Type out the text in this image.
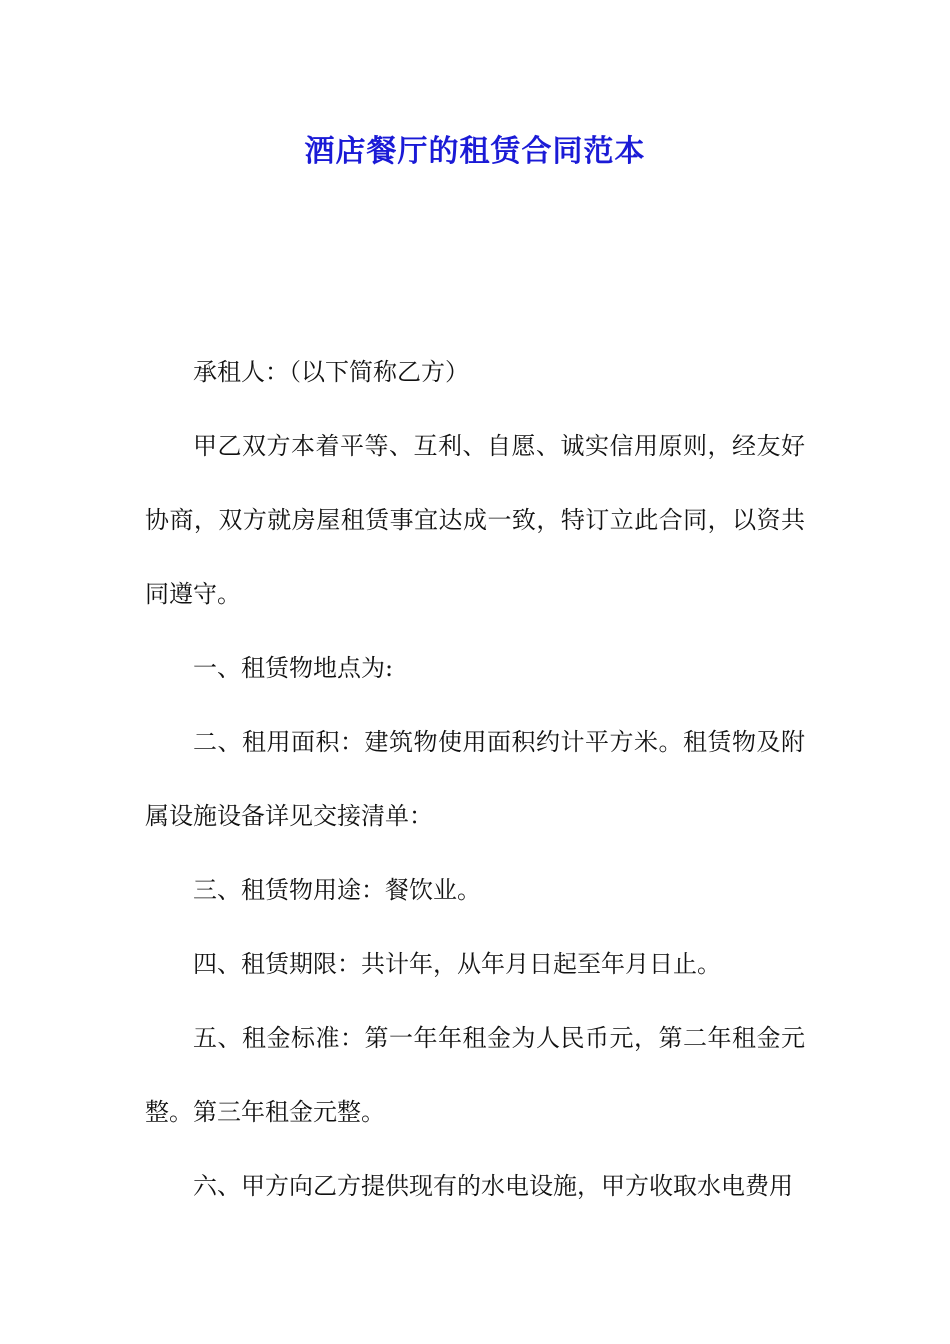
酒店餐厅的租赁合同范本

承租人：（以下简称乙方）

甲乙双方本着平等、互利、自愿、诚实信用原则，经友好协商，双方就房屋租赁事宜达成一致，特订立此合同，以资共同遵守。

一、租赁物地点为:

二、租用面积：建筑物使用面积约计平方米。租赁物及附属设施设备详见交接清单：

三、租赁物用途：餐饮业。

四、租赁期限：共计年，从年月日起至年月日止。

五、租金标准：第一年年租金为人民币元，第二年租金元整。第三年租金元整。

六、甲方向乙方提供现有的水电设施，甲方收取水电费用
